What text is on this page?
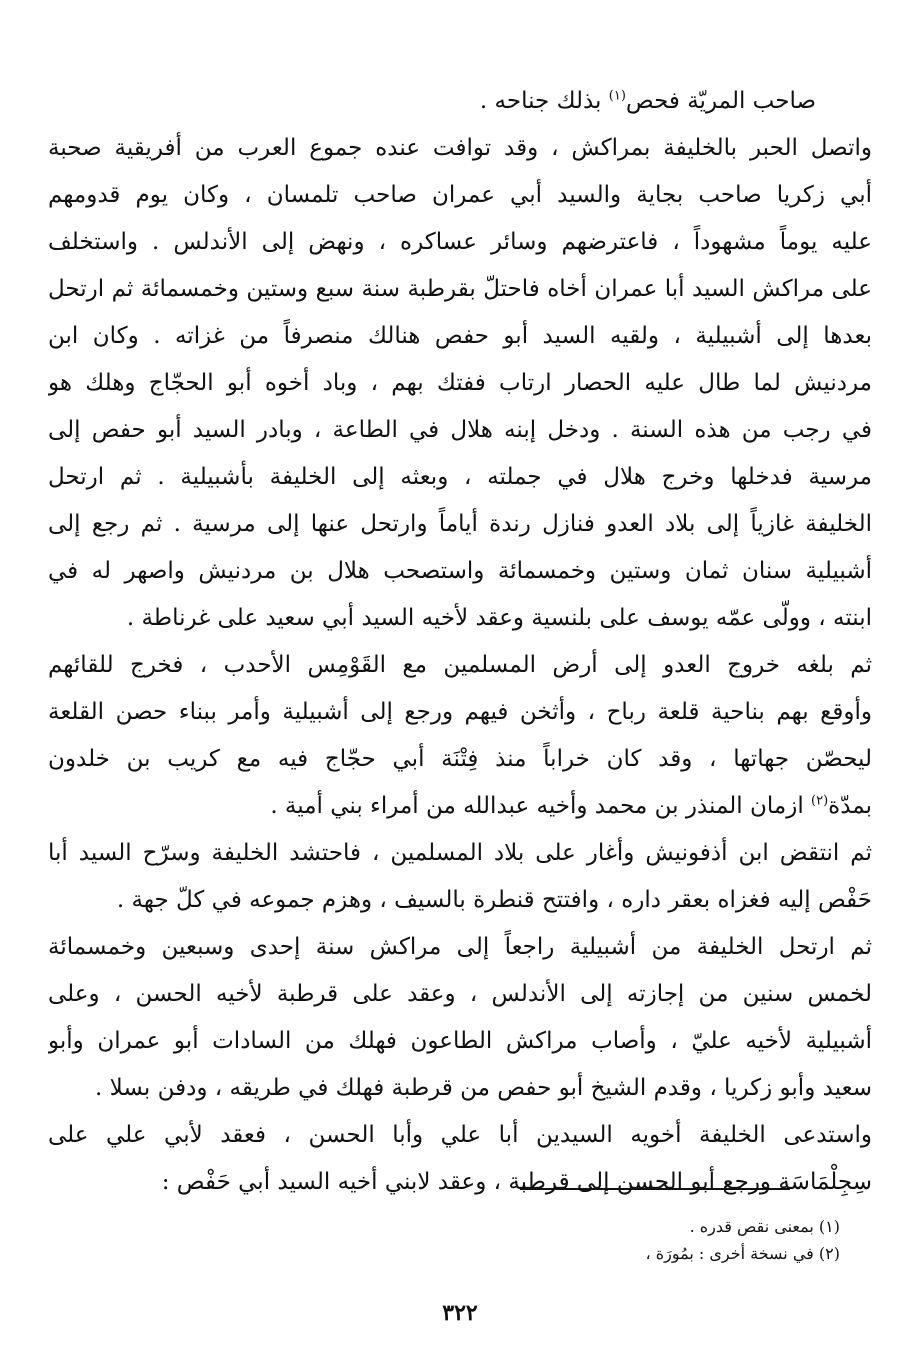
صاحب المريّة فحص$^{(١)}$ بذلك جناحه .
واتصل الحبر بالخليفة بمراكش ، وقد توافت عنده جموع العرب من أفريقية صحبة
أبي زكريا صاحب بجاية والسيد أبي عمران صاحب تلمسان ، وكان يوم قدومهم
عليه يوماً مشهوداً ، فاعترضهم وسائر عساكره ، ونهض إلى الأندلس . واستخلف
على مراكش السيد أبا عمران أخاه فاحتلّ بقرطبة سنة سبع وستين وخمسمائة ثم ارتحل
بعدها إلى أشبيلية ، ولقيه السيد أبو حفص هنالك منصرفاً من غزاته . وكان ابن
مردنيش لما طال عليه الحصار ارتاب ففتك بهم ، وباد أخوه أبو الحجّاج وهلك هو
في رجب من هذه السنة . ودخل إبنه هلال في الطاعة ، وبادر السيد أبو حفص إلى
مرسية فدخلها وخرج هلال في جملته ، وبعثه إلى الخليفة بأشبيلية . ثم ارتحل
الخليفة غازياً إلى بلاد العدو فنازل رندة أياماً وارتحل عنها إلى مرسية . ثم رجع إلى
أشبيلية سنان ثمان وستين وخمسمائة واستصحب هلال بن مردنيش واصهر له في
ابنته ، وولّى عمّه يوسف على بلنسية وعقد لأخيه السيد أبي سعيد على غرناطة .
ثم بلغه خروج العدو إلى أرض المسلمين مع القَوْمِس الأحدب ، فخرج للقائهم
وأوقع بهم بناحية قلعة رباح ، وأثخن فيهم ورجع إلى أشبيلية وأمر ببناء حصن القلعة
ليحصّن جهاتها ، وقد كان خراباً منذ فِتْنَة أبي حجّاج فيه مع كريب بن خلدون
بمدّة$^{(٢)}$ ازمان المنذر بن محمد وأخيه عبدالله من أمراء بني أمية .
ثم انتقض ابن أذفونيش وأغار على بلاد المسلمين ، فاحتشد الخليفة وسرّح السيد أبا
حَفْص إليه فغزاه بعقر داره ، وافتتح قنطرة بالسيف ، وهزم جموعه في كلّ جهة .
ثم ارتحل الخليفة من أشبيلية راجعاً إلى مراكش سنة إحدى وسبعين وخمسمائة
لخمس سنين من إجازته إلى الأندلس ، وعقد على قرطبة لأخيه الحسن ، وعلى
أشبيلية لأخيه عليّ ، وأصاب مراكش الطاعون فهلك من السادات أبو عمران وأبو
سعيد وأبو زكريا ، وقدم الشيخ أبو حفص من قرطبة فهلك في طريقه ، ودفن بسلا .
واستدعى الخليفة أخويه السيدين أبا علي وأبا الحسن ، فعقد لأبي علي على
سِجِلْمَاسَة ورجع أبو الحسن إلى قرطبة ، وعقد لابني أخيه السيد أبي حَفْص :
(١) بمعنى نقص قدره .
(٢) في نسخة أخرى : بمُورَة ،
٣٢٢
